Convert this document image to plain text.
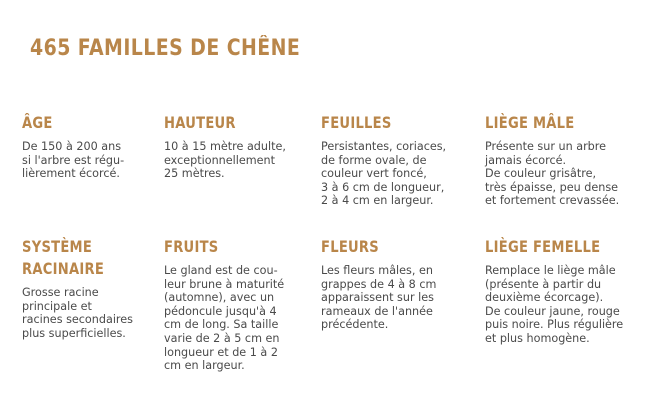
465 FAMILLES DE CHÊNE
ÂGE

De 150 à 200 ans
si l'arbre est régu-
lièrement écorcé.

HAUTEUR

10 à 15 mètre adulte,
exceptionnellement
25 mètres.

FEUILLES

Persistantes, coriaces,
de forme ovale, de
couleur vert foncé,
3 à 6 cm de longueur,
2 à 4 cm en largeur.

LIÈGE MÂLE

Présente sur un arbre
jamais écorcé.
De couleur grisâtre,
très épaisse, peu dense
et fortement crevassée.

SYSTÈME
RACINAIRE

Grosse racine
principale et
racines secondaires
plus superficielles.

FRUITS

Le gland est de cou-
leur brune à maturité
(automne), avec un
pédoncule jusqu'à 4
cm de long. Sa taille
varie de 2 à 5 cm en
longueur et de 1 à 2
cm en largeur.

FLEURS

Les fleurs mâles, en
grappes de 4 à 8 cm
apparaissent sur les
rameaux de l'année
précédente.

LIÈGE FEMELLE

Remplace le liège mâle
(présente à partir du
deuxième écorcage).
De couleur jaune, rouge
puis noire. Plus régulière
et plus homogène.
